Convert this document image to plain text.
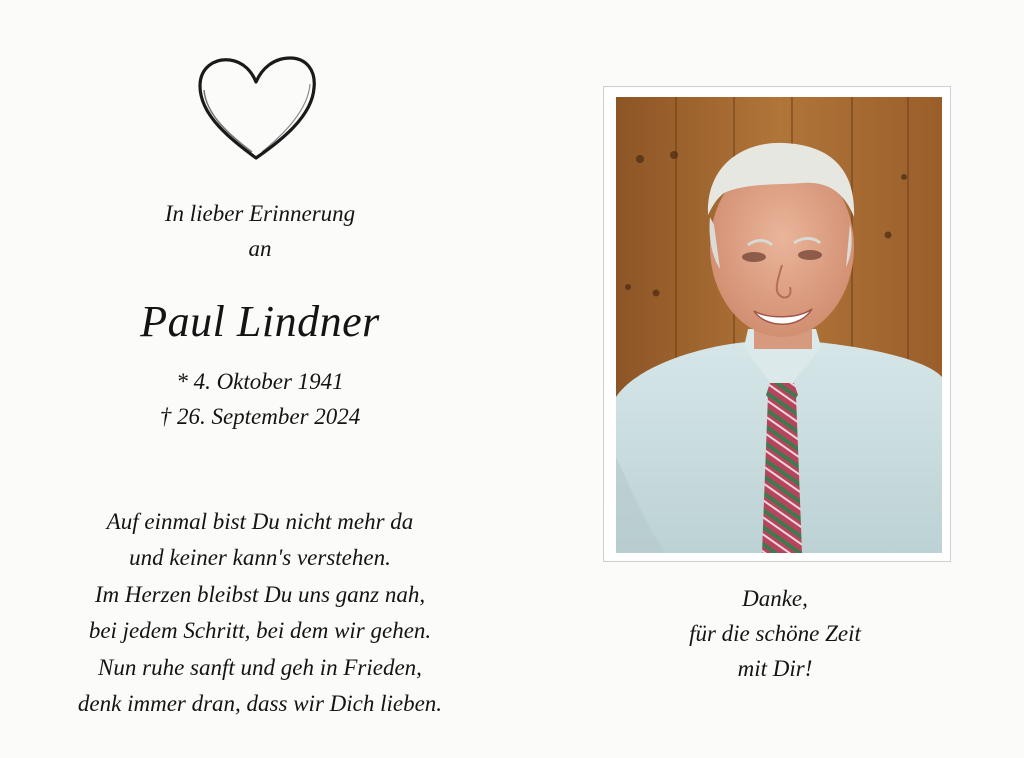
In lieber Erinnerung
an
Paul Lindner
* 4. Oktober 1941
† 26. September 2024
Auf einmal bist Du nicht mehr da
und keiner kann's verstehen.
Im Herzen bleibst Du uns ganz nah,
bei jedem Schritt, bei dem wir gehen.
Nun ruhe sanft und geh in Frieden,
denk immer dran, dass wir Dich lieben.
Danke,
für die schöne Zeit
mit Dir!
